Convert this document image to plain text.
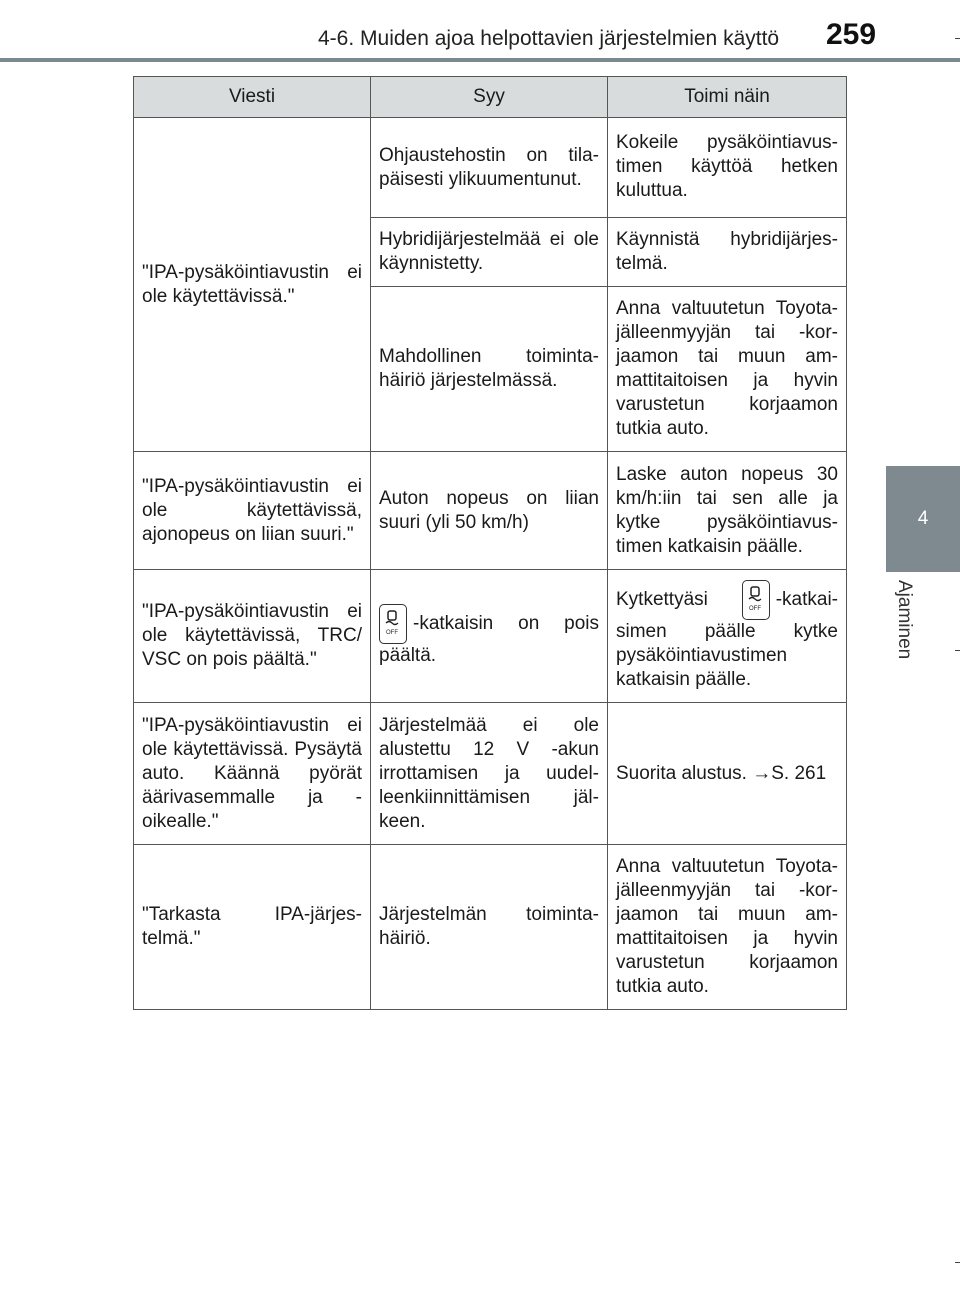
4-6. Muiden ajoa helpottavien järjestelmien käyttö 259
4
Ajaminen
Viesti	Syy	Toimi näin
"IPA-pysäköintiavustin ei ole käytettävissä."	Ohjaustehostin on tila-päisesti ylikuumentunut.	Kokeile pysäköintiavus-timen käyttöä hetken kuluttua.
	Hybridijärjestelmää ei ole käynnistetty.	Käynnistä hybridijärjes-telmä.
	Mahdollinen toiminta-häiriö järjestelmässä.	Anna valtuutetun Toyota-jälleenmyyjän tai -kor-jaamon tai muun am-mattitaitoisen ja hyvin varustetun korjaamon tutkia auto.
"IPA-pysäköintiavustin ei ole käytettävissä, ajonopeus on liian suuri."	Auton nopeus on liian suuri (yli 50 km/h)	Laske auton nopeus 30 km/h:iin tai sen alle ja kytke pysäköintiavus-timen katkaisin päälle.
"IPA-pysäköintiavustin ei ole käytettävissä, TRC/ VSC on pois päältä."	OFF -katkaisin on pois päältä.	Kytkettyäsi OFF -katkai-simen päälle kytke pysäköintiavustimen katkaisin päälle.
"IPA-pysäköintiavustin ei ole käytettävissä. Pysäytä auto. Käännä pyörät äärivasemmalle ja -oikealle."	Järjestelmää ei ole alustettu 12 V -akun irrottamisen ja uudel-leenkiinnittämisen jäl-keen.	Suorita alustus. →S. 261
"Tarkasta IPA-järjes-telmä."	Järjestelmän toiminta-häiriö.	Anna valtuutetun Toyota-jälleenmyyjän tai -kor-jaamon tai muun am-mattitaitoisen ja hyvin varustetun korjaamon tutkia auto.
